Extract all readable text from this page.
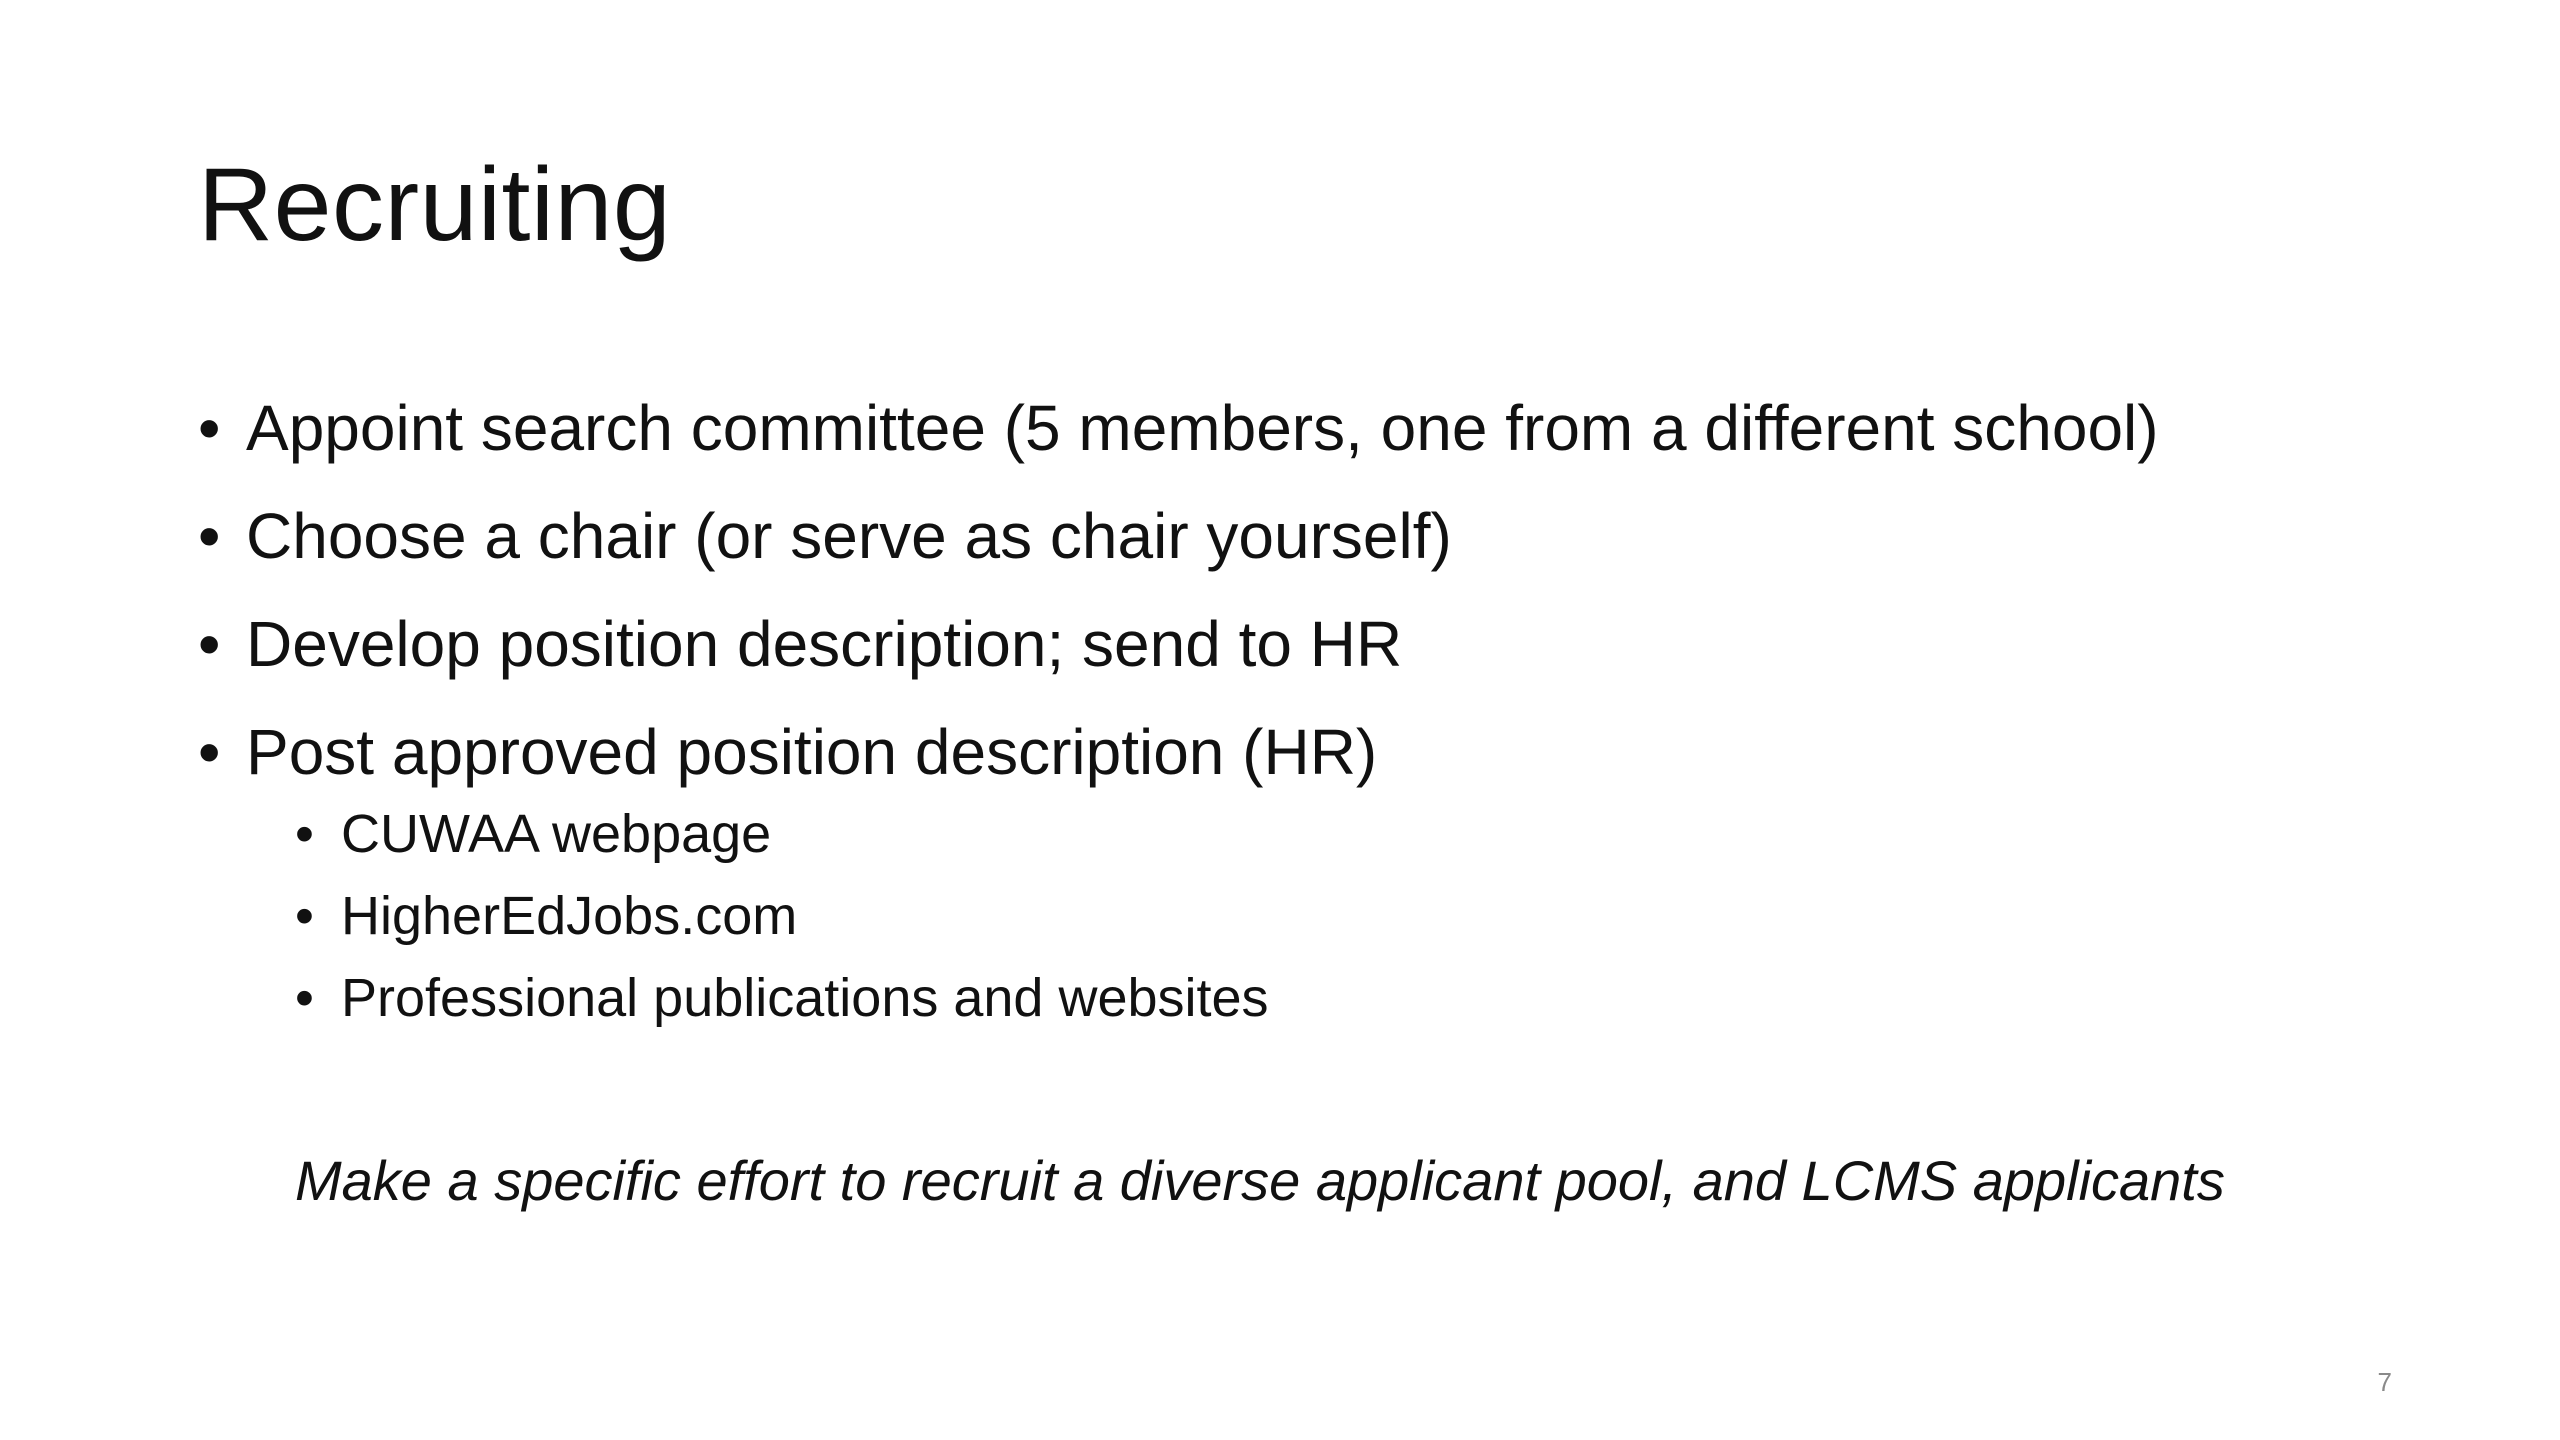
Recruiting
• Appoint search committee (5 members, one from a different school)
• Choose a chair (or serve as chair yourself)
• Develop position description; send to HR
• Post approved position description (HR)
• CUWAA webpage
• HigherEdJobs.com
• Professional publications and websites
Make a specific effort to recruit a diverse applicant pool, and LCMS applicants
7
